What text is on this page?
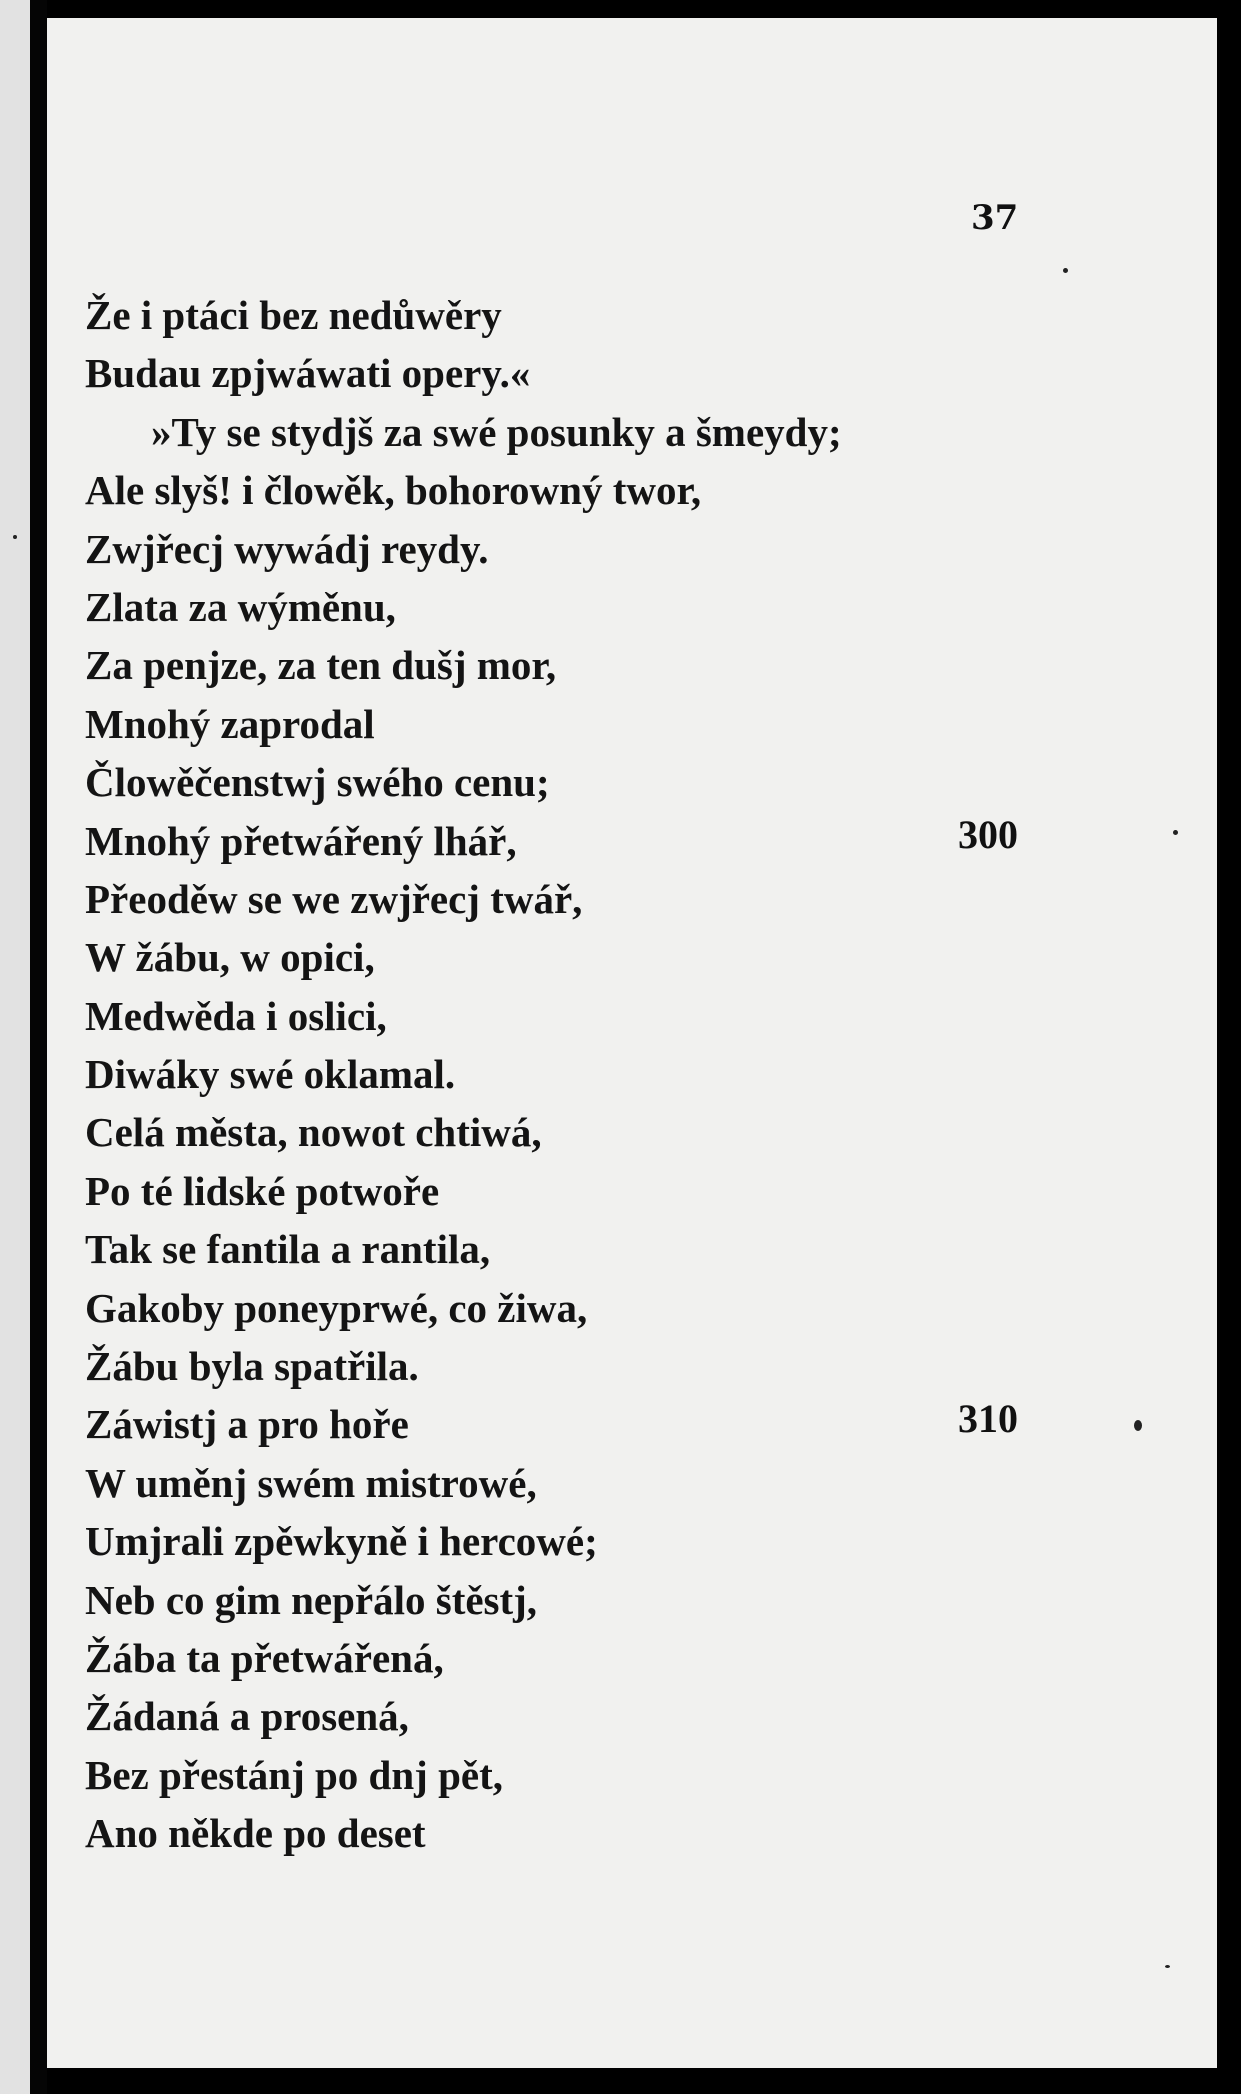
37
Že i ptáci bez nedůwěry
Budau zpjwáwati opery.«
»Ty se stydjš za swé posunky a šmeydy;
Ale slyš! i člowěk, bohorowný twor,
Zwjřecj wywádj reydy.
Zlata za wýměnu,
Za penjze, za ten dušj mor,
Mnohý zaprodal
Člowěčenstwj swého cenu;
Mnohý přetwářený lhář,
Přeoděw se we zwjřecj twář,
W žábu, w opici,
Medwěda i oslici,
Diwáky swé oklamal.
Celá města, nowot chtiwá,
Po té lidské potwoře
Tak se fantila a rantila,
Gakoby poneyprwé, co žiwa,
Žábu byla spatřila.
Záwistj a pro hoře
W uměnj swém mistrowé,
Umjrali zpěwkyně i hercowé;
Neb co gim nepřálo štěstj,
Žába ta přetwářená,
Žádaná a prosená,
Bez přestánj po dnj pět,
Ano někde po deset
300
310
